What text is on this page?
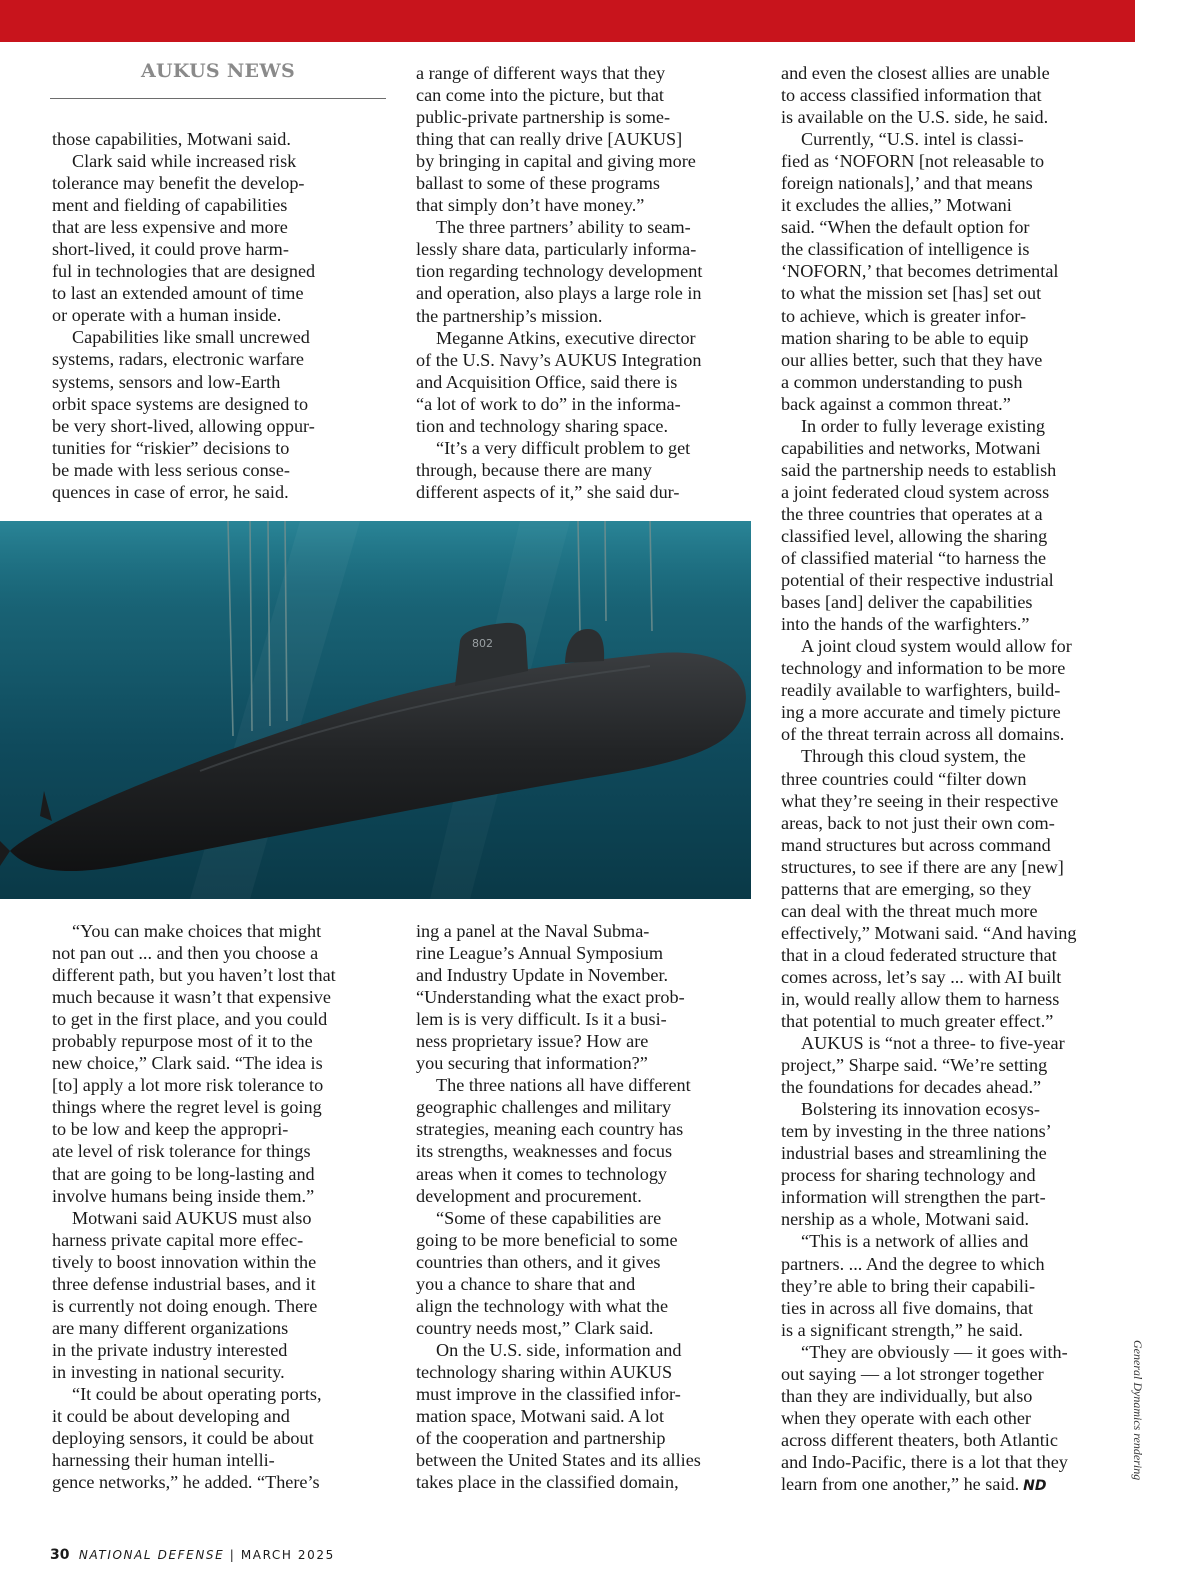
AUKUS NEWS

those capabilities, Motwani said.

Clark said while increased risk
tolerance may benefit the develop-
ment and fielding of capabilities
that are less expensive and more
short-lived, it could prove harm-
ful in technologies that are designed
to last an extended amount of time
or operate with a human inside.

Capabilities like small uncrewed
systems, radars, electronic warfare
systems, sensors and low-Earth
orbit space systems are designed to
be very short-lived, allowing oppur-
tunities for “riskier” decisions to
be made with less serious conse-
quences in case of error, he said.

a range of different ways that they
can come into the picture, but that
public-private partnership is some-
thing that can really drive [AUKUS]
by bringing in capital and giving more
ballast to some of these programs
that simply don’t have money.”

The three partners’ ability to seam-
lessly share data, particularly informa-
tion regarding technology development
and operation, also plays a large role in
the partnership’s mission.

Meganne Atkins, executive director
of the U.S. Navy’s AUKUS Integration
and Acquisition Office, said there is
“a lot of work to do” in the informa-
tion and technology sharing space.

“It’s a very difficult problem to get
through, because there are many
different aspects of it,” she said dur-

802

“You can make choices that might
not pan out ... and then you choose a
different path, but you haven’t lost that
much because it wasn’t that expensive
to get in the first place, and you could
probably repurpose most of it to the
new choice,” Clark said. “The idea is
[to] apply a lot more risk tolerance to
things where the regret level is going
to be low and keep the appropri-
ate level of risk tolerance for things
that are going to be long-lasting and
involve humans being inside them.”

Motwani said AUKUS must also
harness private capital more effec-
tively to boost innovation within the
three defense industrial bases, and it
is currently not doing enough. There
are many different organizations
in the private industry interested
in investing in national security.

“It could be about operating ports,
it could be about developing and
deploying sensors, it could be about
harnessing their human intelli-
gence networks,” he added. “There’s

ing a panel at the Naval Subma-
rine League’s Annual Symposium
and Industry Update in November.
“Understanding what the exact prob-
lem is is very difficult. Is it a busi-
ness proprietary issue? How are
you securing that information?”

The three nations all have different
geographic challenges and military
strategies, meaning each country has
its strengths, weaknesses and focus
areas when it comes to technology
development and procurement.

“Some of these capabilities are
going to be more beneficial to some
countries than others, and it gives
you a chance to share that and
align the technology with what the
country needs most,” Clark said.

On the U.S. side, information and
technology sharing within AUKUS
must improve in the classified infor-
mation space, Motwani said. A lot
of the cooperation and partnership
between the United States and its allies
takes place in the classified domain,

and even the closest allies are unable
to access classified information that
is available on the U.S. side, he said.

Currently, “U.S. intel is classi-
fied as ‘NOFORN [not releasable to
foreign nationals],’ and that means
it excludes the allies,” Motwani
said. “When the default option for
the classification of intelligence is
‘NOFORN,’ that becomes detrimental
to what the mission set [has] set out
to achieve, which is greater infor-
mation sharing to be able to equip
our allies better, such that they have
a common understanding to push
back against a common threat.”

In order to fully leverage existing
capabilities and networks, Motwani
said the partnership needs to establish
a joint federated cloud system across
the three countries that operates at a
classified level, allowing the sharing
of classified material “to harness the
potential of their respective industrial
bases [and] deliver the capabilities
into the hands of the warfighters.”

A joint cloud system would allow for
technology and information to be more
readily available to warfighters, build-
ing a more accurate and timely picture
of the threat terrain across all domains.

Through this cloud system, the
three countries could “filter down
what they’re seeing in their respective
areas, back to not just their own com-
mand structures but across command
structures, to see if there are any [new]
patterns that are emerging, so they
can deal with the threat much more
effectively,” Motwani said. “And having
that in a cloud federated structure that
comes across, let’s say ... with AI built
in, would really allow them to harness
that potential to much greater effect.”

AUKUS is “not a three- to five-year
project,” Sharpe said. “We’re setting
the foundations for decades ahead.”

Bolstering its innovation ecosys-
tem by investing in the three nations’
industrial bases and streamlining the
process for sharing technology and
information will strengthen the part-
nership as a whole, Motwani said.

“This is a network of allies and
partners. ... And the degree to which
they’re able to bring their capabili-
ties in across all five domains, that
is a significant strength,” he said.

“They are obviously — it goes with-
out saying — a lot stronger together
than they are individually, but also
when they operate with each other
across different theaters, both Atlantic
and Indo-Pacific, there is a lot that they
learn from one another,” he said. ND

General Dynamics rendering
30 NATIONAL DEFENSE | MARCH 2025
